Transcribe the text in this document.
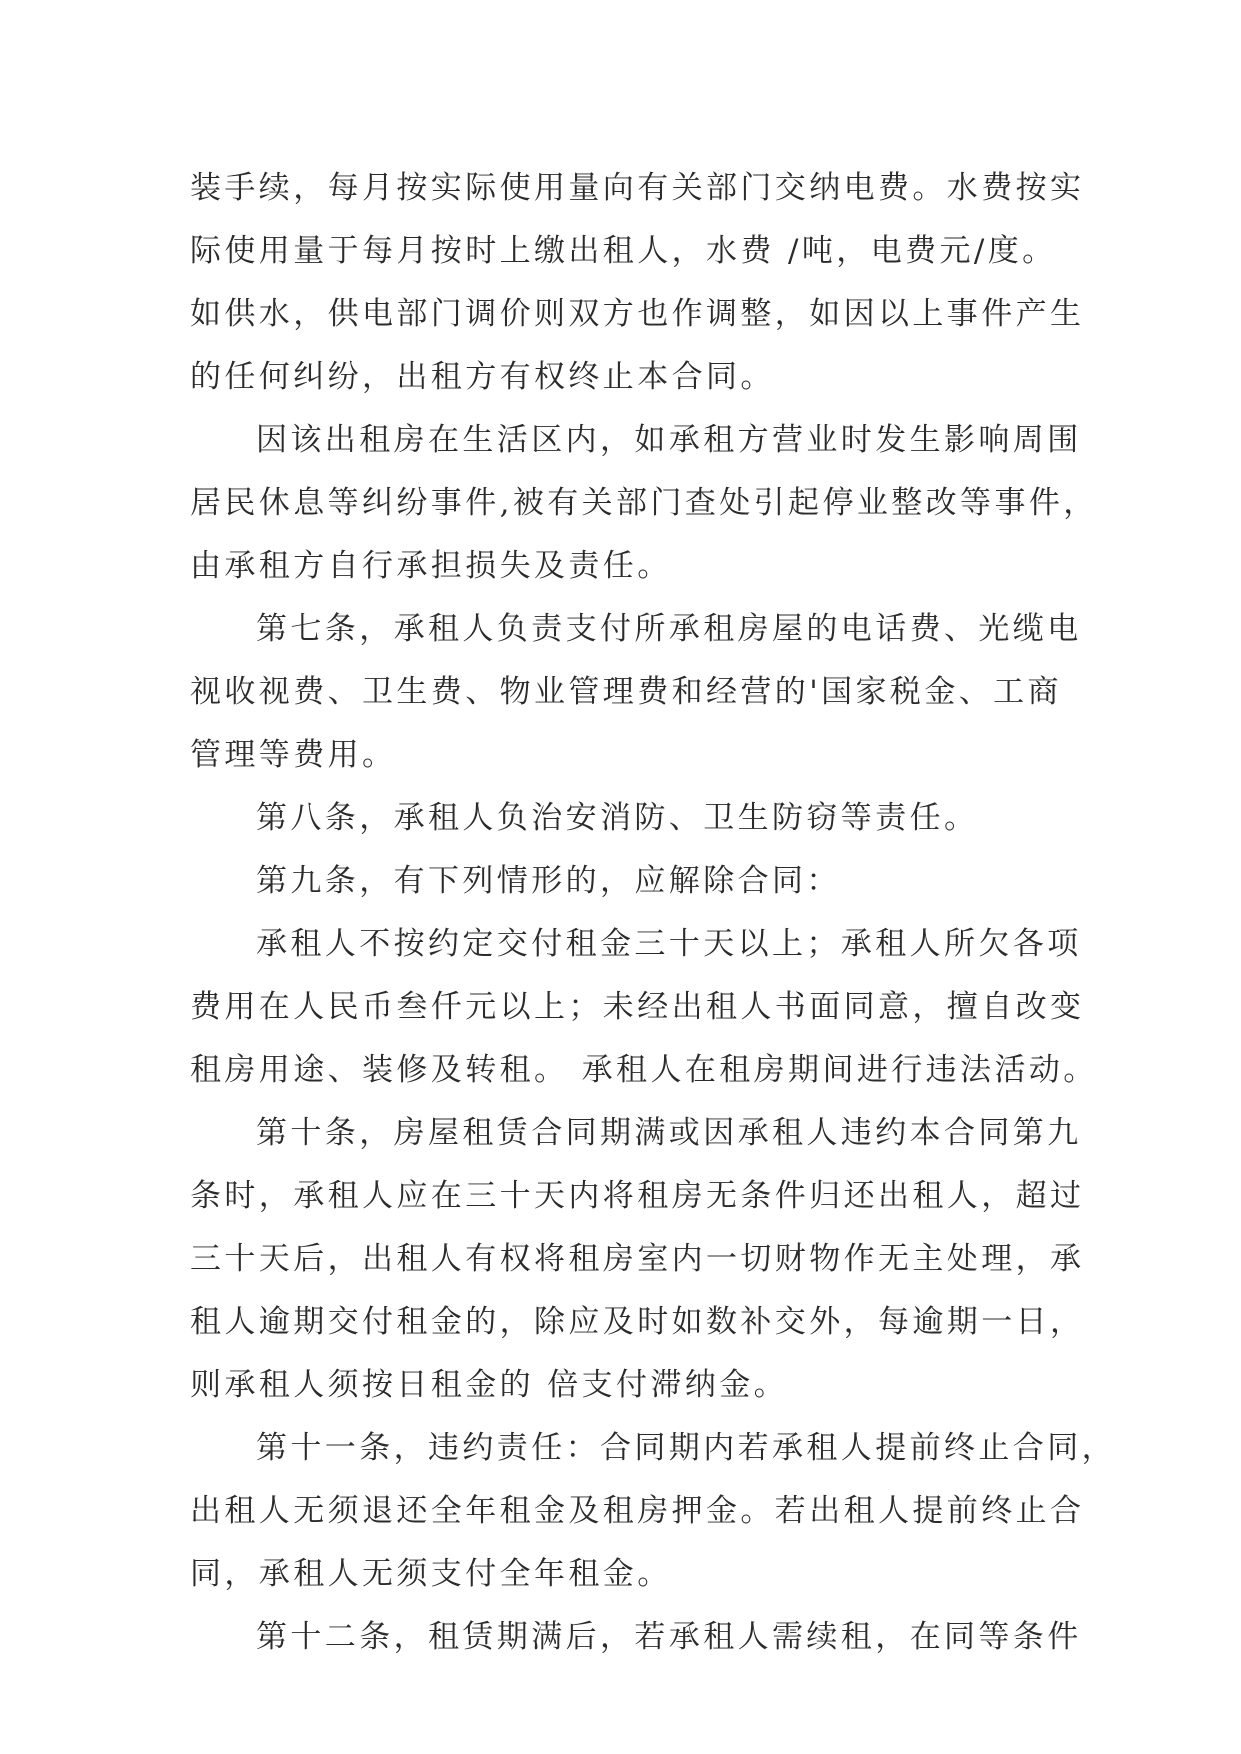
装手续，每月按实际使用量向有关部门交纳电费。水费按实
际使用量于每月按时上缴出租人，水费 /吨，电费元/度。
如供水，供电部门调价则双方也作调整，如因以上事件产生
的任何纠纷，出租方有权终止本合同。
因该出租房在生活区内，如承租方营业时发生影响周围
居民休息等纠纷事件,被有关部门查处引起停业整改等事件，
由承租方自行承担损失及责任。
第七条，承租人负责支付所承租房屋的电话费、光缆电
视收视费、卫生费、物业管理费和经营的'国家税金、工商
管理等费用。
第八条，承租人负治安消防、卫生防窃等责任。
第九条，有下列情形的，应解除合同：
承租人不按约定交付租金三十天以上；承租人所欠各项
费用在人民币叁仟元以上；未经出租人书面同意，擅自改变
租房用途、装修及转租。 承租人在租房期间进行违法活动。
第十条，房屋租赁合同期满或因承租人违约本合同第九
条时，承租人应在三十天内将租房无条件归还出租人，超过
三十天后，出租人有权将租房室内一切财物作无主处理，承
租人逾期交付租金的，除应及时如数补交外，每逾期一日，
则承租人须按日租金的 倍支付滞纳金。
第十一条，违约责任：合同期内若承租人提前终止合同，
出租人无须退还全年租金及租房押金。若出租人提前终止合
同，承租人无须支付全年租金。
第十二条，租赁期满后，若承租人需续租，在同等条件
